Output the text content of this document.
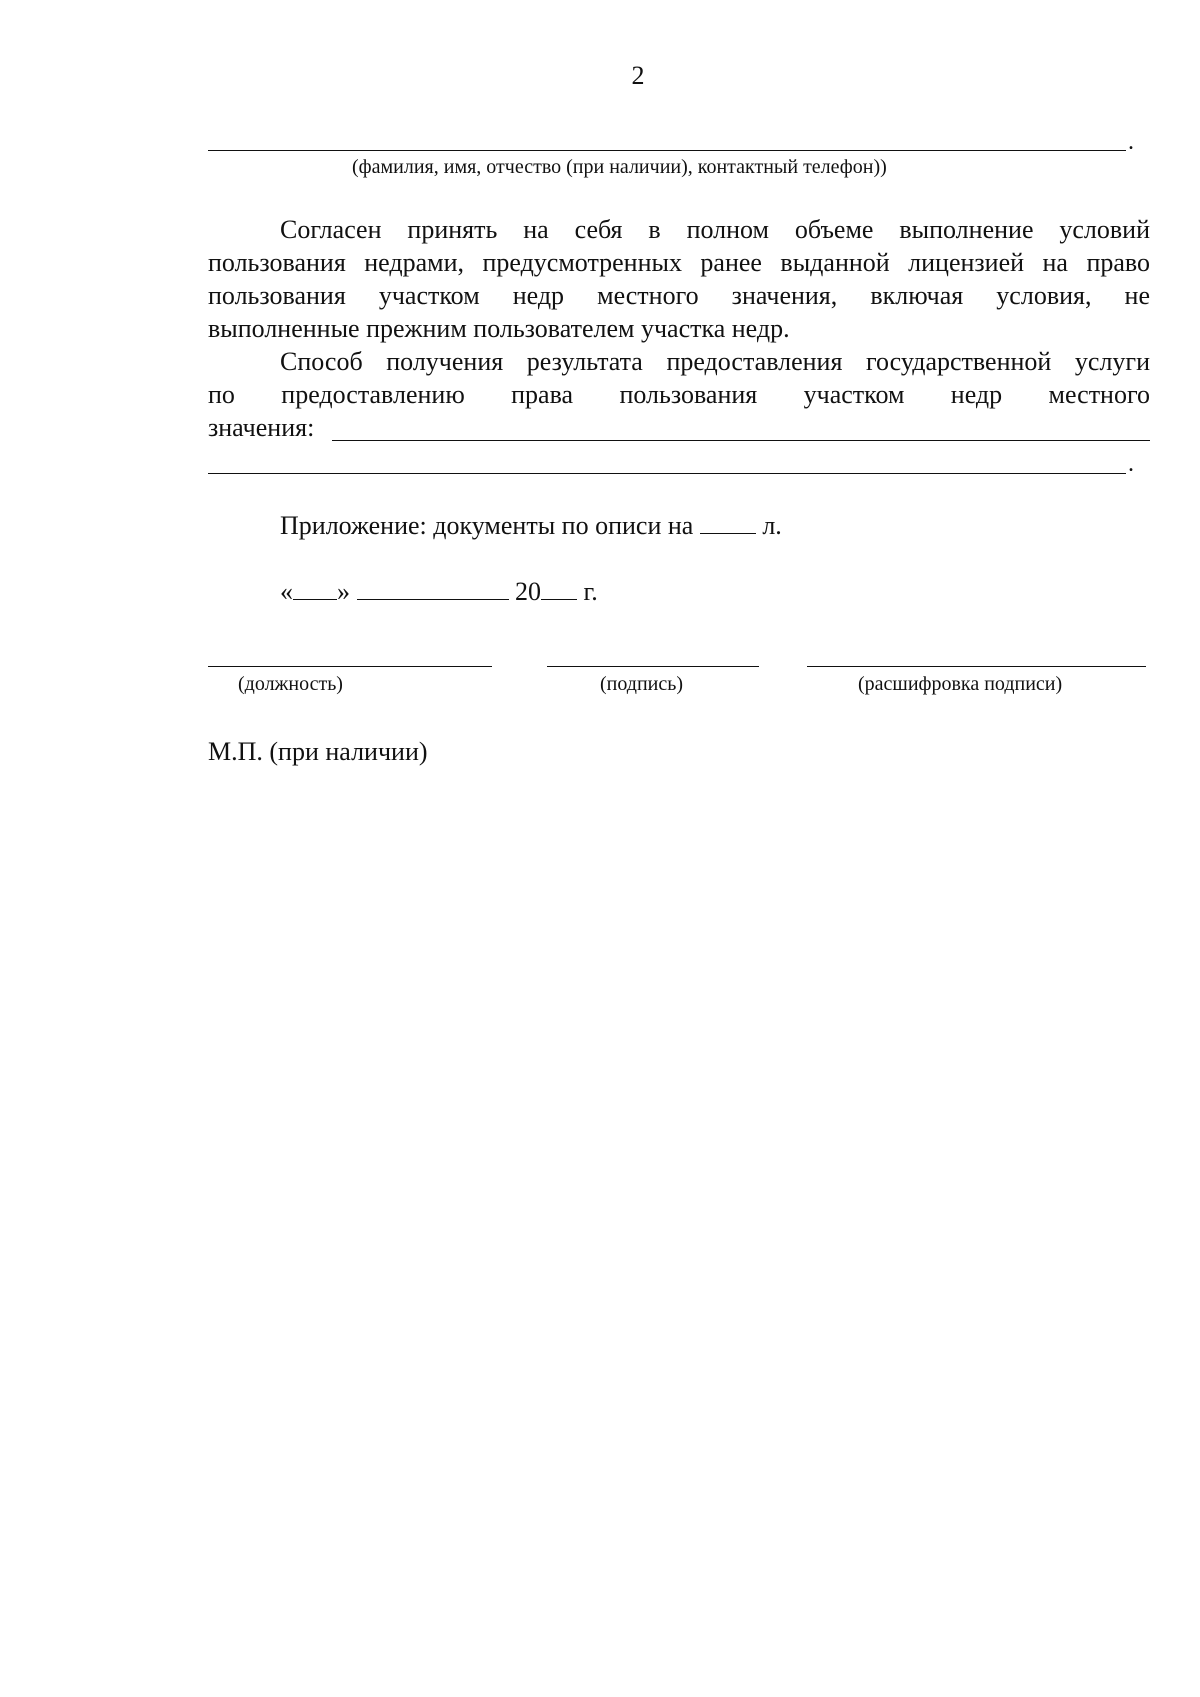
2
.
(фамилия, имя, отчество (при наличии), контактный телефон))
Согласен принять на себя в полном объеме выполнение условий
пользования недрами, предусмотренных ранее выданной лицензией на право
пользования участком недр местного значения, включая условия, не
выполненные прежним пользователем участка недр.
Способ получения результата предоставления государственной услуги
по предоставлению права пользования участком недр местного
значения:
.
Приложение: документы по описи на	л.
« »	20 г.
(должность)	(подпись)	(расшифровка подписи)
М.П. (при наличии)
